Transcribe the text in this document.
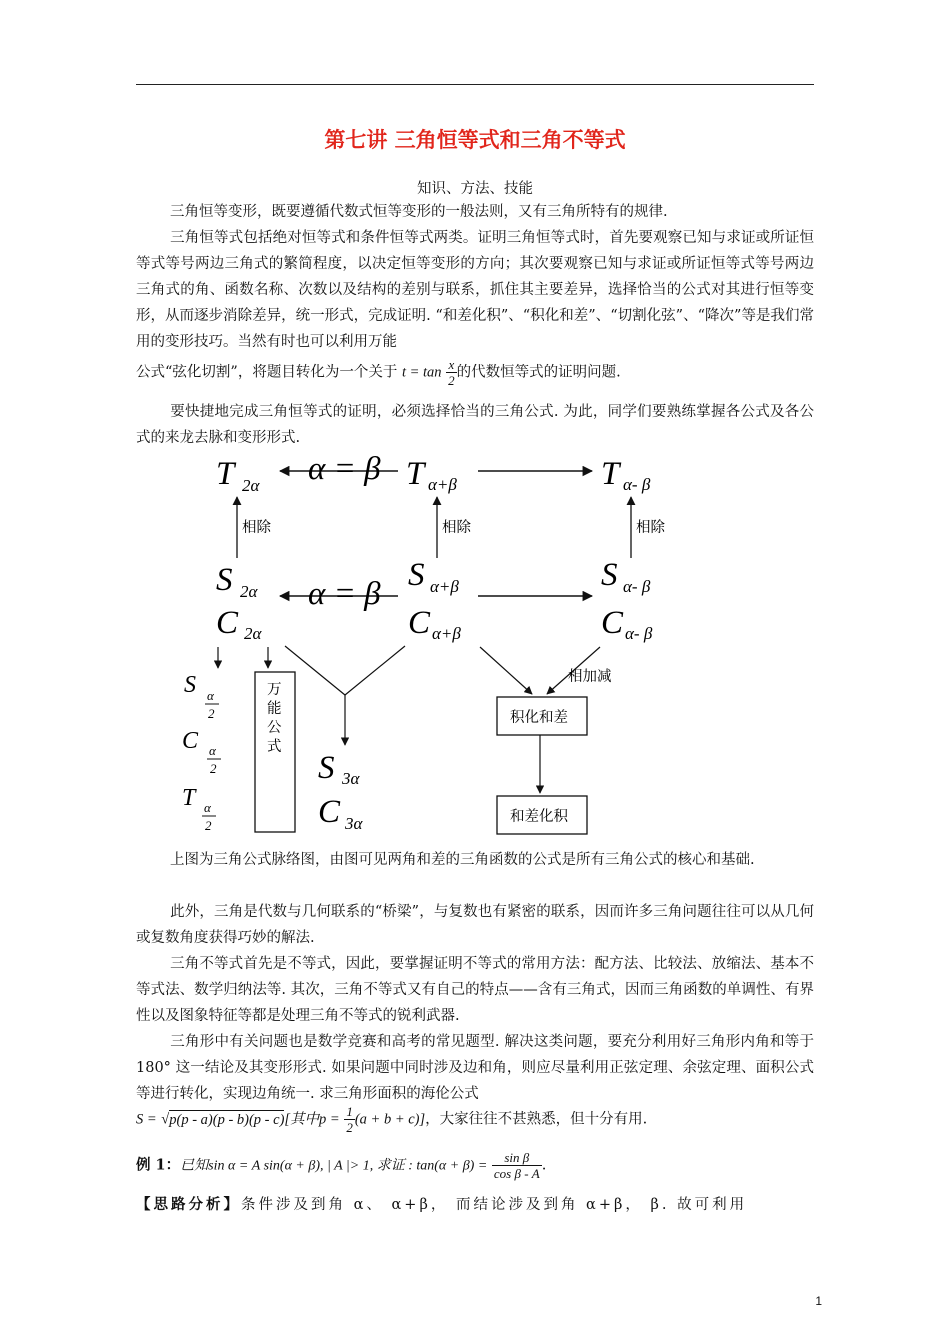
第七讲 三角恒等式和三角不等式
知识、方法、技能

三角恒等变形，既要遵循代数式恒等变形的一般法则，又有三角所特有的规律.

三角恒等式包括绝对恒等式和条件恒等式两类。证明三角恒等式时，首先要观察已知与求证或所证恒等式等号两边三角式的繁简程度，以决定恒等变形的方向；其次要观察已知与求证或所证恒等式等号两边三角式的角、函数名称、次数以及结构的差别与联系，抓住其主要差异，选择恰当的公式对其进行恒等变形，从而逐步消除差异，统一形式，完成证明. “和差化积”、“积化和差”、“切割化弦”、“降次”等是我们常用的变形技巧。当然有时也可以利用万能

公式“弦化切割”，将题目转化为一个关于 $t = \tan \frac{x}{2}$ 的代数恒等式的证明问题.

要快捷地完成三角恒等式的证明，必须选择恰当的三角公式. 为此，同学们要熟练掌握各公式及各公式的来龙去脉和变形形式.

T 2α	T α+β	T α- β
α = β
相除	相除	相除
S 2α	S α+β	S α- β
α = β
C 2α	C α+β	C α- β
S α
2
C α
2
T α
2
万
能
公
式
S 3α
C 3α
相加减
积化和差
和差化积

上图为三角公式脉络图，由图可见两角和差的三角函数的公式是所有三角公式的核心和基础.

此外，三角是代数与几何联系的“桥梁”，与复数也有紧密的联系，因而许多三角问题往往可以从几何或复数角度获得巧妙的解法.

三角不等式首先是不等式，因此，要掌握证明不等式的常用方法：配方法、比较法、放缩法、基本不等式法、数学归纳法等. 其次，三角不等式又有自己的特点——含有三角式，因而三角函数的单调性、有界性以及图象特征等都是处理三角不等式的锐利武器.

三角形中有关问题也是数学竞赛和高考的常见题型. 解决这类问题，要充分利用好三角形内角和等于180° 这一结论及其变形形式. 如果问题中同时涉及边和角，则应尽量利用正弦定理、余弦定理、面积公式等进行转化，实现边角统一. 求三角形面积的海伦公式

S = √p(p - a)(p - b)(p - c)[其中$p = \frac{1}{2} (a + b + c)$]，大家往往不甚熟悉，但十分有用.
例 1：已知sin α = A sin(α + β), | A |> 1, 求证 : $\tan(\alpha + \beta) = \frac{\text{sin β}}{\text{cos β - A}}$ .
【思路分析】条件涉及到角 α、 α+β， 而结论涉及到角 α+β， β. 故可利用
1
